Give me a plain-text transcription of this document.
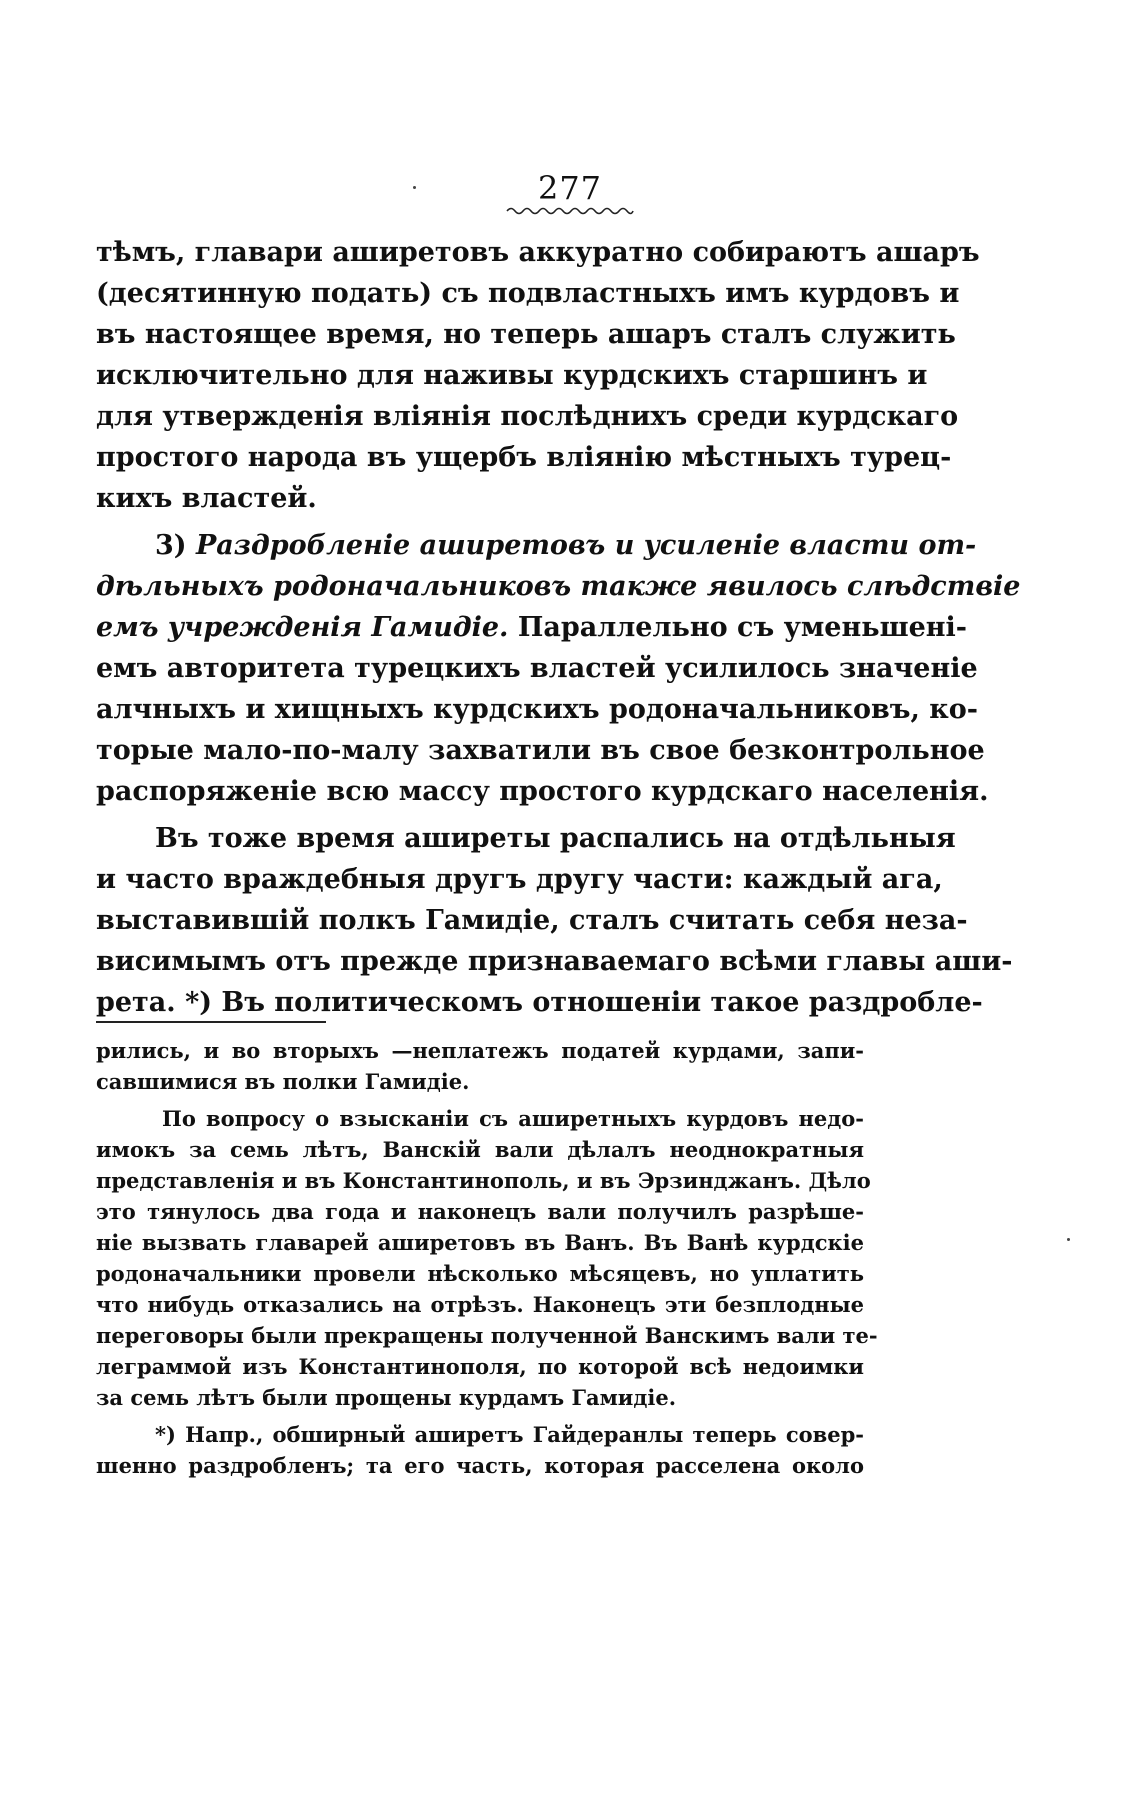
277
тѣмъ, главари аширетовъ аккуратно собираютъ ашаръ
(десятинную подать) съ подвластныхъ имъ курдовъ и
въ настоящее время, но теперь ашаръ сталъ служить
исключительно для наживы курдскихъ старшинъ и
для утвержденія вліянія послѣднихъ среди курдскаго
простого народа въ ущербъ вліянію мѣстныхъ турец-
кихъ властей.
3) Раздробленіе аширетовъ и усиленіе власти от-
дѣльныхъ родоначальниковъ также явилось слѣдствіе
емъ учрежденія Гамидіе. Параллельно съ уменьшені-
емъ авторитета турецкихъ властей усилилось значеніе
алчныхъ и хищныхъ курдскихъ родоначальниковъ, ко-
торые мало-по-малу захватили въ свое безконтрольное
распоряженіе всю массу простого курдскаго населенія.
Въ тоже время аширеты распались на отдѣльныя
и часто враждебныя другъ другу части: каждый ага,
выставившій полкъ Гамидіе, сталъ считать себя неза-
висимымъ отъ прежде признаваемаго всѣми главы аши-
рета. *) Въ политическомъ отношеніи такое раздробле-
рились, и во вторыхъ —неплатежъ податей курдами, запи-
савшимися въ полки Гамидіе.
По вопросу о взысканіи съ аширетныхъ курдовъ недо-
имокъ за семь лѣтъ, Ванскій вали дѣлалъ неоднократныя
представленія и въ Константинополь, и въ Эрзинджанъ. Дѣло
это тянулось два года и наконецъ вали получилъ разрѣше-
ніе вызвать главарей аширетовъ въ Ванъ. Въ Ванѣ курдскіе
родоначальники провели нѣсколько мѣсяцевъ, но уплатить
что нибудь отказались на отрѣзъ. Наконецъ эти безплодные
переговоры были прекращены полученной Ванскимъ вали те-
леграммой изъ Константинополя, по которой всѣ недоимки
за семь лѣтъ были прощены курдамъ Гамидіе.
*) Напр., обширный аширетъ Гайдеранлы теперь совер-
шенно раздробленъ; та его часть, которая расселена около
